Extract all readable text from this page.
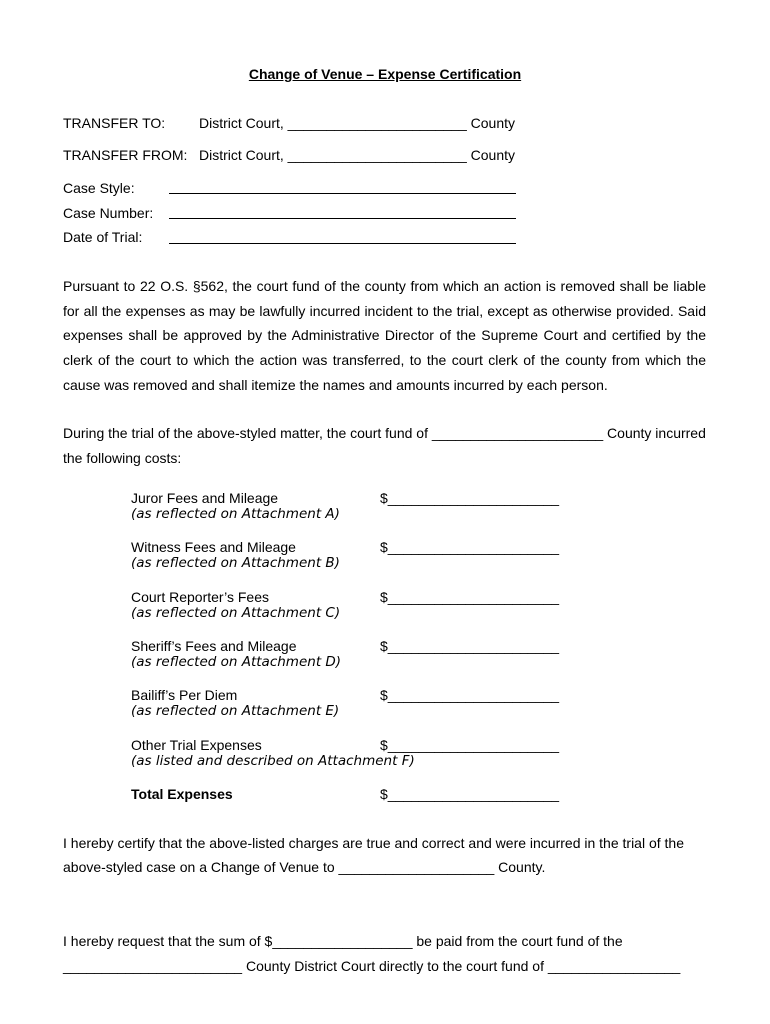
Change of Venue – Expense Certification
TRANSFER TO: District Court, _______________________ County
TRANSFER FROM: District Court, _______________________ County
Case Style:
Case Number:
Date of Trial:
Pursuant to 22 O.S. §562, the court fund of the county from which an action is removed shall be liable for all the expenses as may be lawfully incurred incident to the trial, except as otherwise provided. Said expenses shall be approved by the Administrative Director of the Supreme Court and certified by the clerk of the court to which the action was transferred, to the court clerk of the county from which the cause was removed and shall itemize the names and amounts incurred by each person.
During the trial of the above-styled matter, the court fund of ______________________ County incurred
the following costs:
Juror Fees and Mileage
(as reflected on Attachment A)
$______________________
Witness Fees and Mileage
(as reflected on Attachment B)
$______________________
Court Reporter’s Fees
(as reflected on Attachment C)
$______________________
Sheriff’s Fees and Mileage
(as reflected on Attachment D)
$______________________
Bailiff’s Per Diem
(as reflected on Attachment E)
$______________________
Other Trial Expenses
(as listed and described on Attachment F)
$______________________
Total Expenses	$______________________
I hereby certify that the above-listed charges are true and correct and were incurred in the trial of the
above-styled case on a Change of Venue to ____________________ County.
I hereby request that the sum of $__________________ be paid from the court fund of the
_______________________ County District Court directly to the court fund of _________________
